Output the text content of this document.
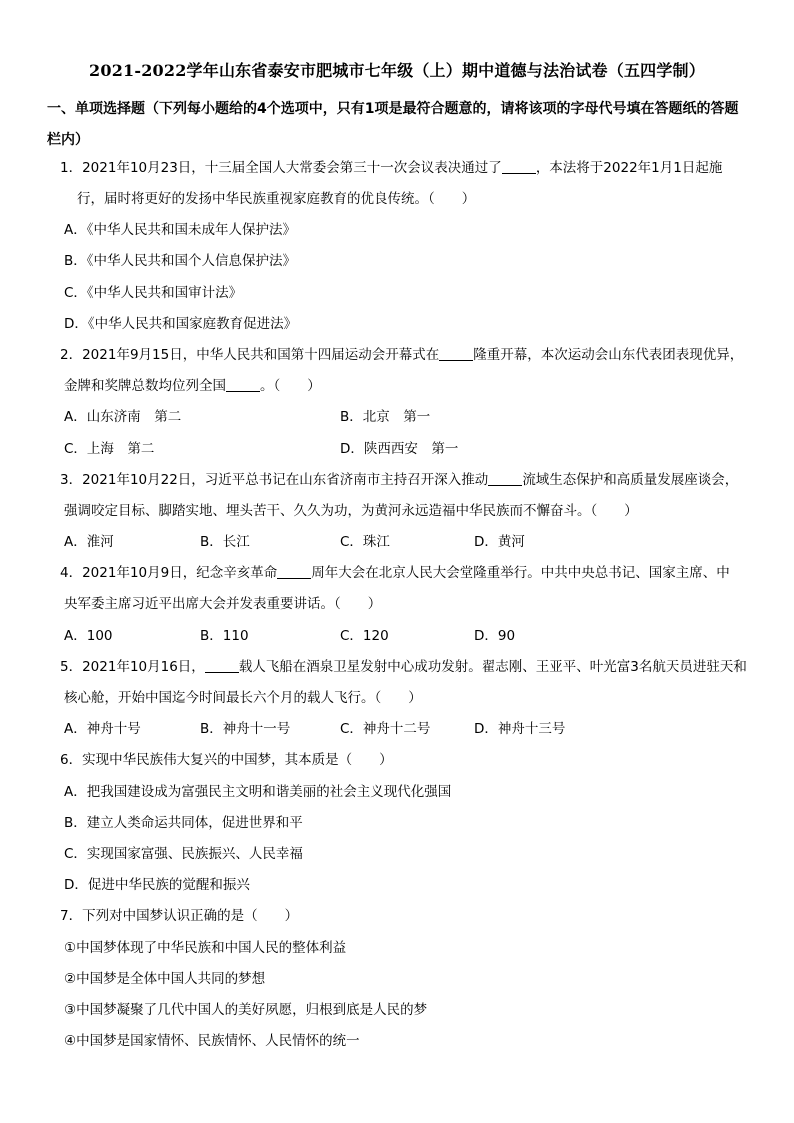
2021-2022学年山东省泰安市肥城市七年级（上）期中道德与法治试卷（五四学制）
一、单项选择题（下列每小题给的4个选项中，只有1项是最符合题意的，请将该项的字母代号填在答题纸的答题栏内）
1．2021年10月23日，十三届全国人大常委会第三十一次会议表决通过了	，本法将于2022年1月1日起施
行，届时将更好的发扬中华民族重视家庭教育的优良传统。（　　）
A．《中华人民共和国未成年人保护法》
B．《中华人民共和国个人信息保护法》
C．《中华人民共和国审计法》
D．《中华人民共和国家庭教育促进法》
2．2021年9月15日，中华人民共和国第十四届运动会开幕式在	隆重开幕，本次运动会山东代表团表现优异，
金牌和奖牌总数均位列全国	。（　　）
A．山东济南　第二	B．北京　第一
C．上海　第二	D．陕西西安　第一
3．2021年10月22日，习近平总书记在山东省济南市主持召开深入推动	流域生态保护和高质量发展座谈会，
强调咬定目标、脚踏实地、埋头苦干、久久为功，为黄河永远造福中华民族而不懈奋斗。（　　）
A．淮河	B．长江	C．珠江	D．黄河
4．2021年10月9日，纪念辛亥革命	周年大会在北京人民大会堂隆重举行。中共中央总书记、国家主席、中
央军委主席习近平出席大会并发表重要讲话。（　　）
A．100	B．110	C．120	D．90
5．2021年10月16日，	载人飞船在酒泉卫星发射中心成功发射。翟志刚、王亚平、叶光富3名航天员进驻天和
核心舱，开始中国迄今时间最长六个月的载人飞行。（　　）
A．神舟十号	B．神舟十一号	C．神舟十二号	D．神舟十三号
6．实现中华民族伟大复兴的中国梦，其本质是（　　）
A．把我国建设成为富强民主文明和谐美丽的社会主义现代化强国
B．建立人类命运共同体，促进世界和平
C．实现国家富强、民族振兴、人民幸福
D．促进中华民族的觉醒和振兴
7．下列对中国梦认识正确的是（　　）
①中国梦体现了中华民族和中国人民的整体利益
②中国梦是全体中国人共同的梦想
③中国梦凝聚了几代中国人的美好夙愿，归根到底是人民的梦
④中国梦是国家情怀、民族情怀、人民情怀的统一
